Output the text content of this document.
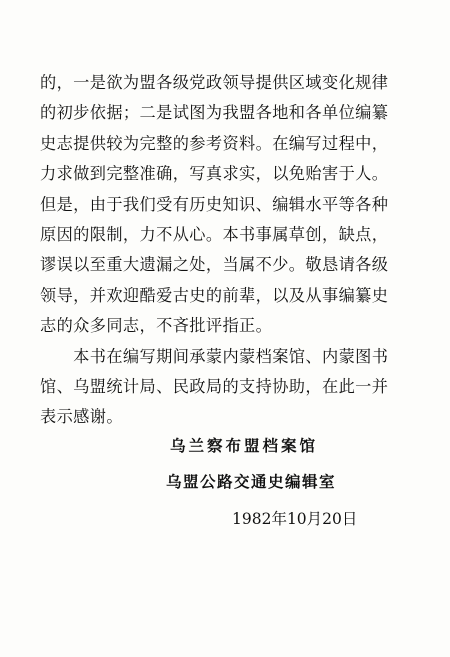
的，一是欲为盟各级党政领导提供区域变化规律
的初步依据；二是试图为我盟各地和各单位编纂
史志提供较为完整的参考资料。在编写过程中，
力求做到完整准确，写真求实，以免贻害于人。
但是，由于我们受有历史知识、编辑水平等各种
原因的限制，力不从心。本书事属草创，缺点，
谬误以至重大遗漏之处，当属不少。敬恳请各级
领导，并欢迎酷爱古史的前辈，以及从事编纂史
志的众多同志，不吝批评指正。
　　本书在编写期间承蒙内蒙档案馆、内蒙图书
馆、乌盟统计局、民政局的支持协助，在此一并
表示感谢。
乌兰察布盟档案馆
乌盟公路交通史编辑室
1982年10月20日
